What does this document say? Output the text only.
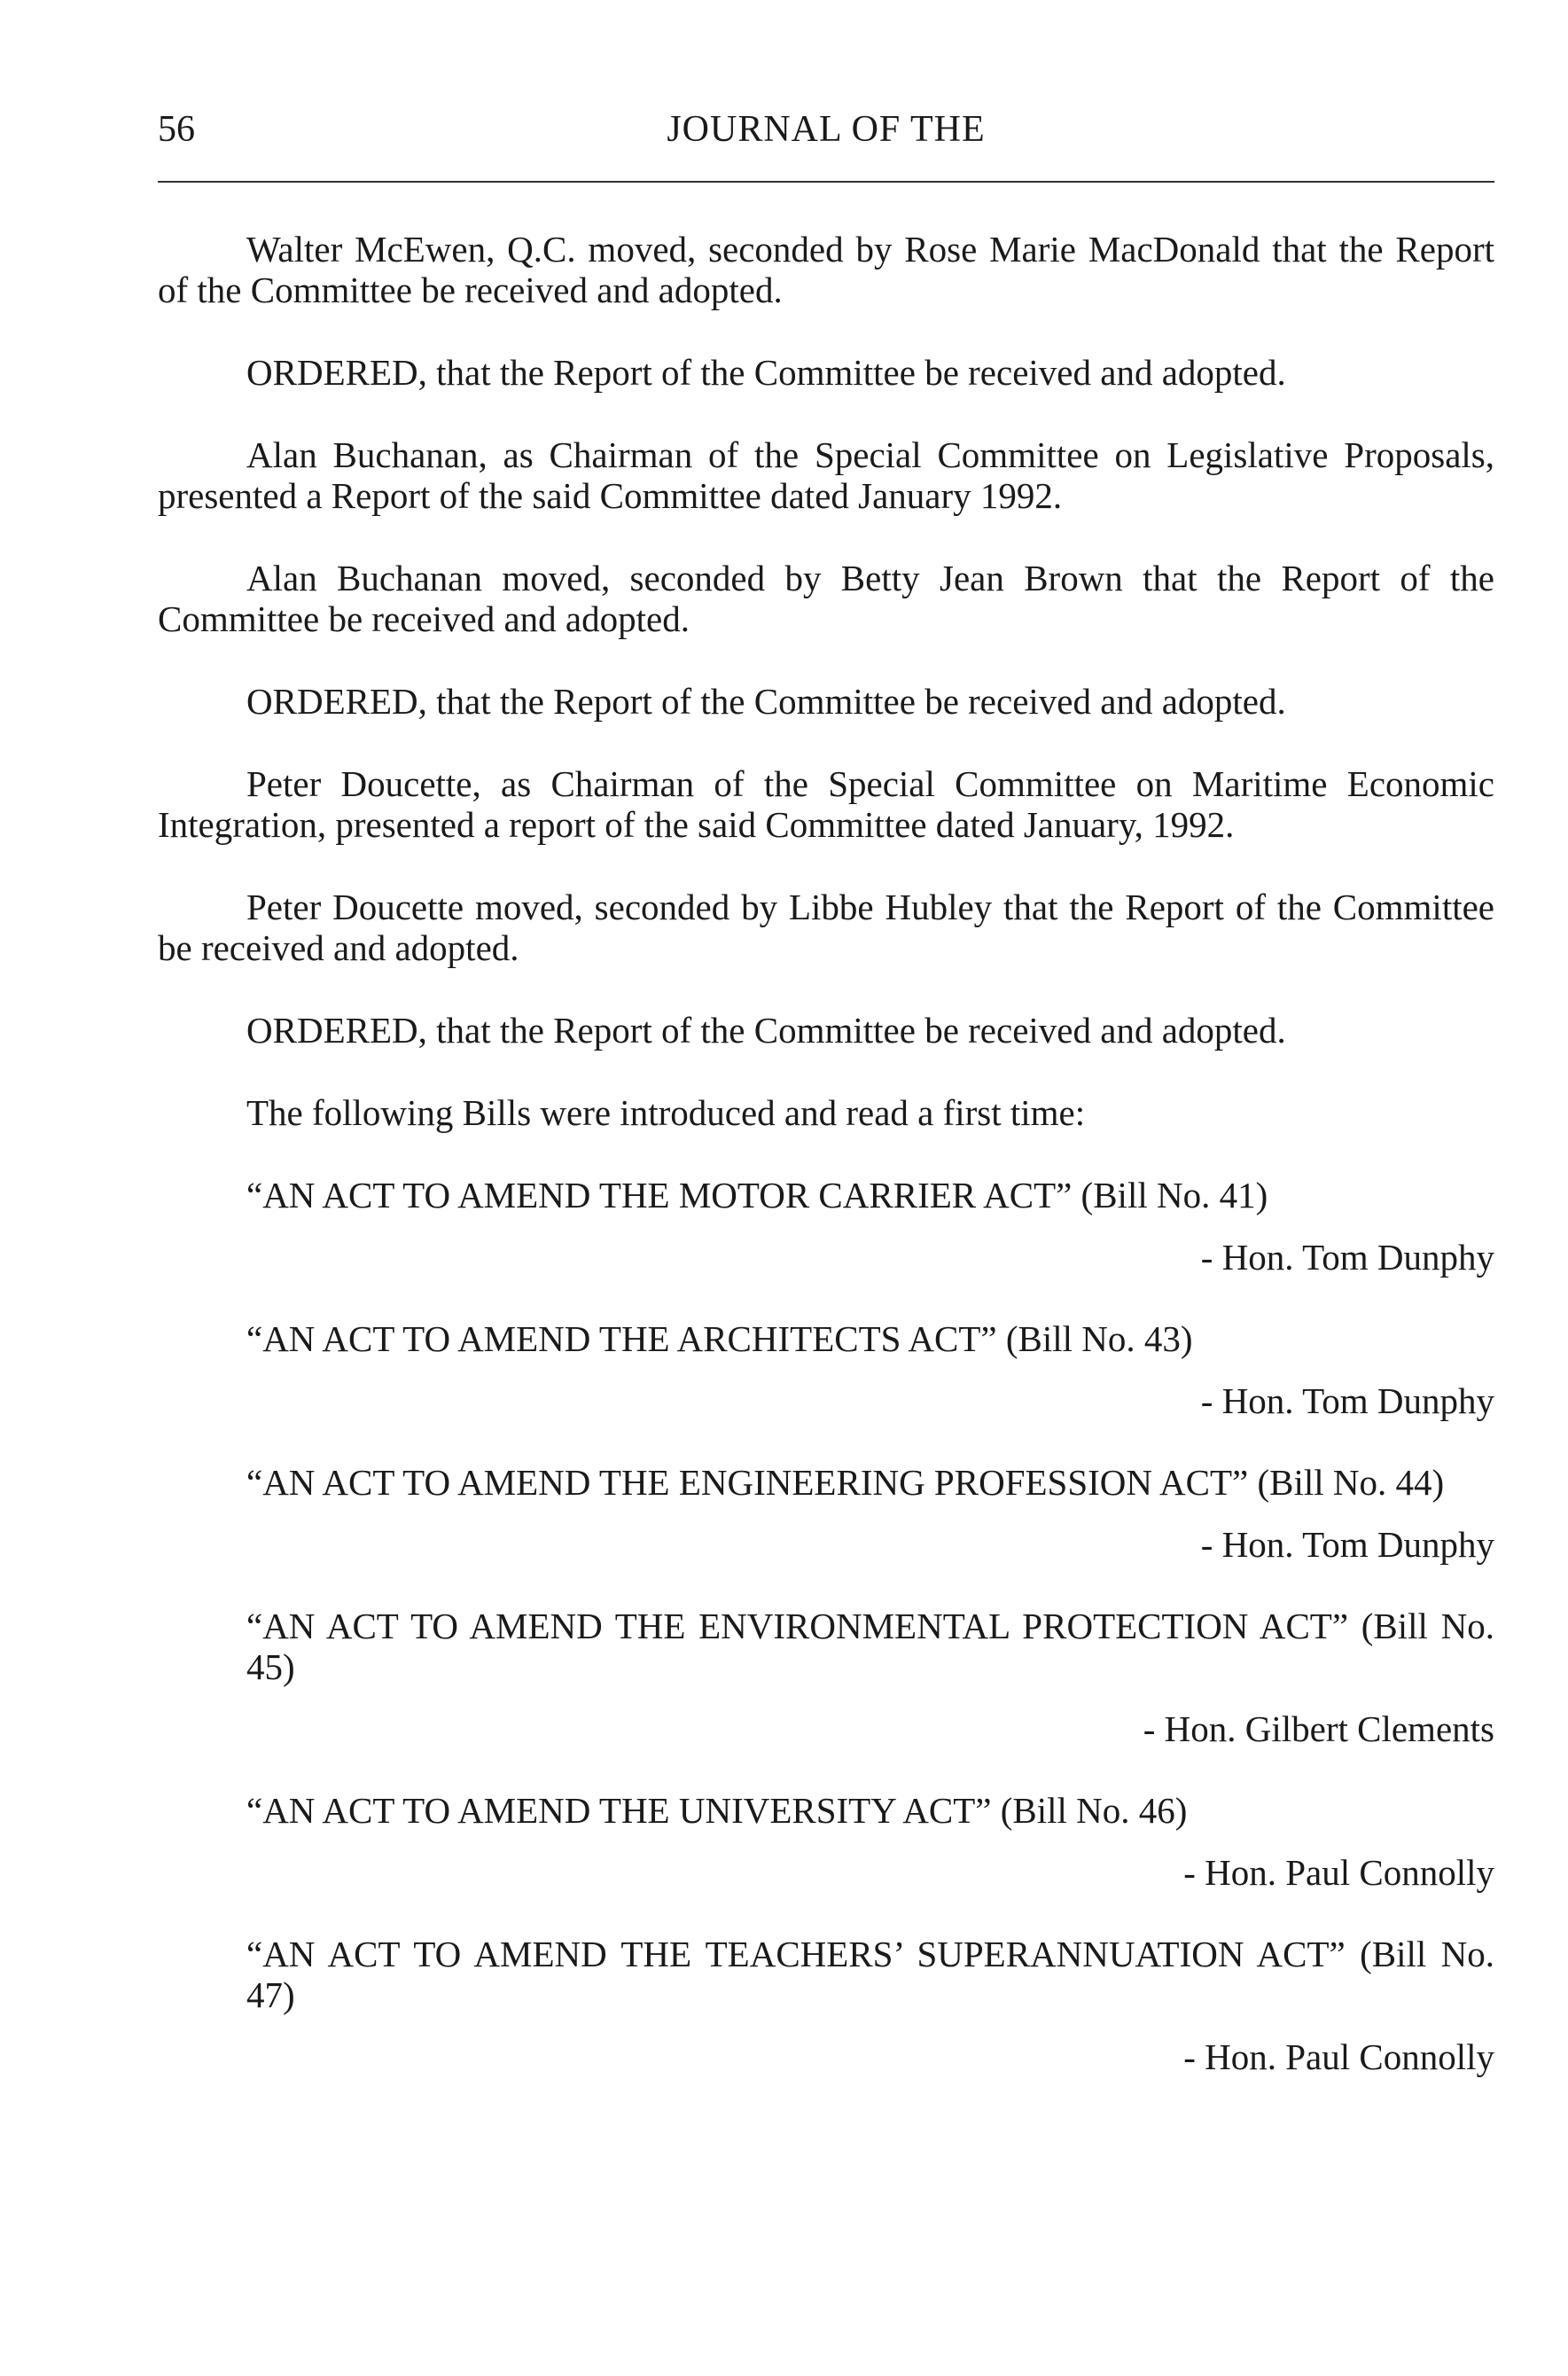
56	JOURNAL OF THE

Walter McEwen, Q.C. moved, seconded by Rose Marie MacDonald that the Report of the Committee be received and adopted.

ORDERED, that the Report of the Committee be received and adopted.

Alan Buchanan, as Chairman of the Special Committee on Legislative Proposals, presented a Report of the said Committee dated January 1992.

Alan Buchanan moved, seconded by Betty Jean Brown that the Report of the Committee be received and adopted.

ORDERED, that the Report of the Committee be received and adopted.

Peter Doucette, as Chairman of the Special Committee on Maritime Economic Integration, presented a report of the said Committee dated January, 1992.

Peter Doucette moved, seconded by Libbe Hubley that the Report of the Committee be received and adopted.

ORDERED, that the Report of the Committee be received and adopted.

The following Bills were introduced and read a first time:

“AN ACT TO AMEND THE MOTOR CARRIER ACT” (Bill No. 41)

- Hon. Tom Dunphy

“AN ACT TO AMEND THE ARCHITECTS ACT” (Bill No. 43)

- Hon. Tom Dunphy

“AN ACT TO AMEND THE ENGINEERING PROFESSION ACT” (Bill No. 44)

- Hon. Tom Dunphy

“AN ACT TO AMEND THE ENVIRONMENTAL PROTECTION ACT” (Bill No. 45)

- Hon. Gilbert Clements

“AN ACT TO AMEND THE UNIVERSITY ACT” (Bill No. 46)

- Hon. Paul Connolly

“AN ACT TO AMEND THE TEACHERS’ SUPERANNUATION ACT” (Bill No. 47)

- Hon. Paul Connolly
